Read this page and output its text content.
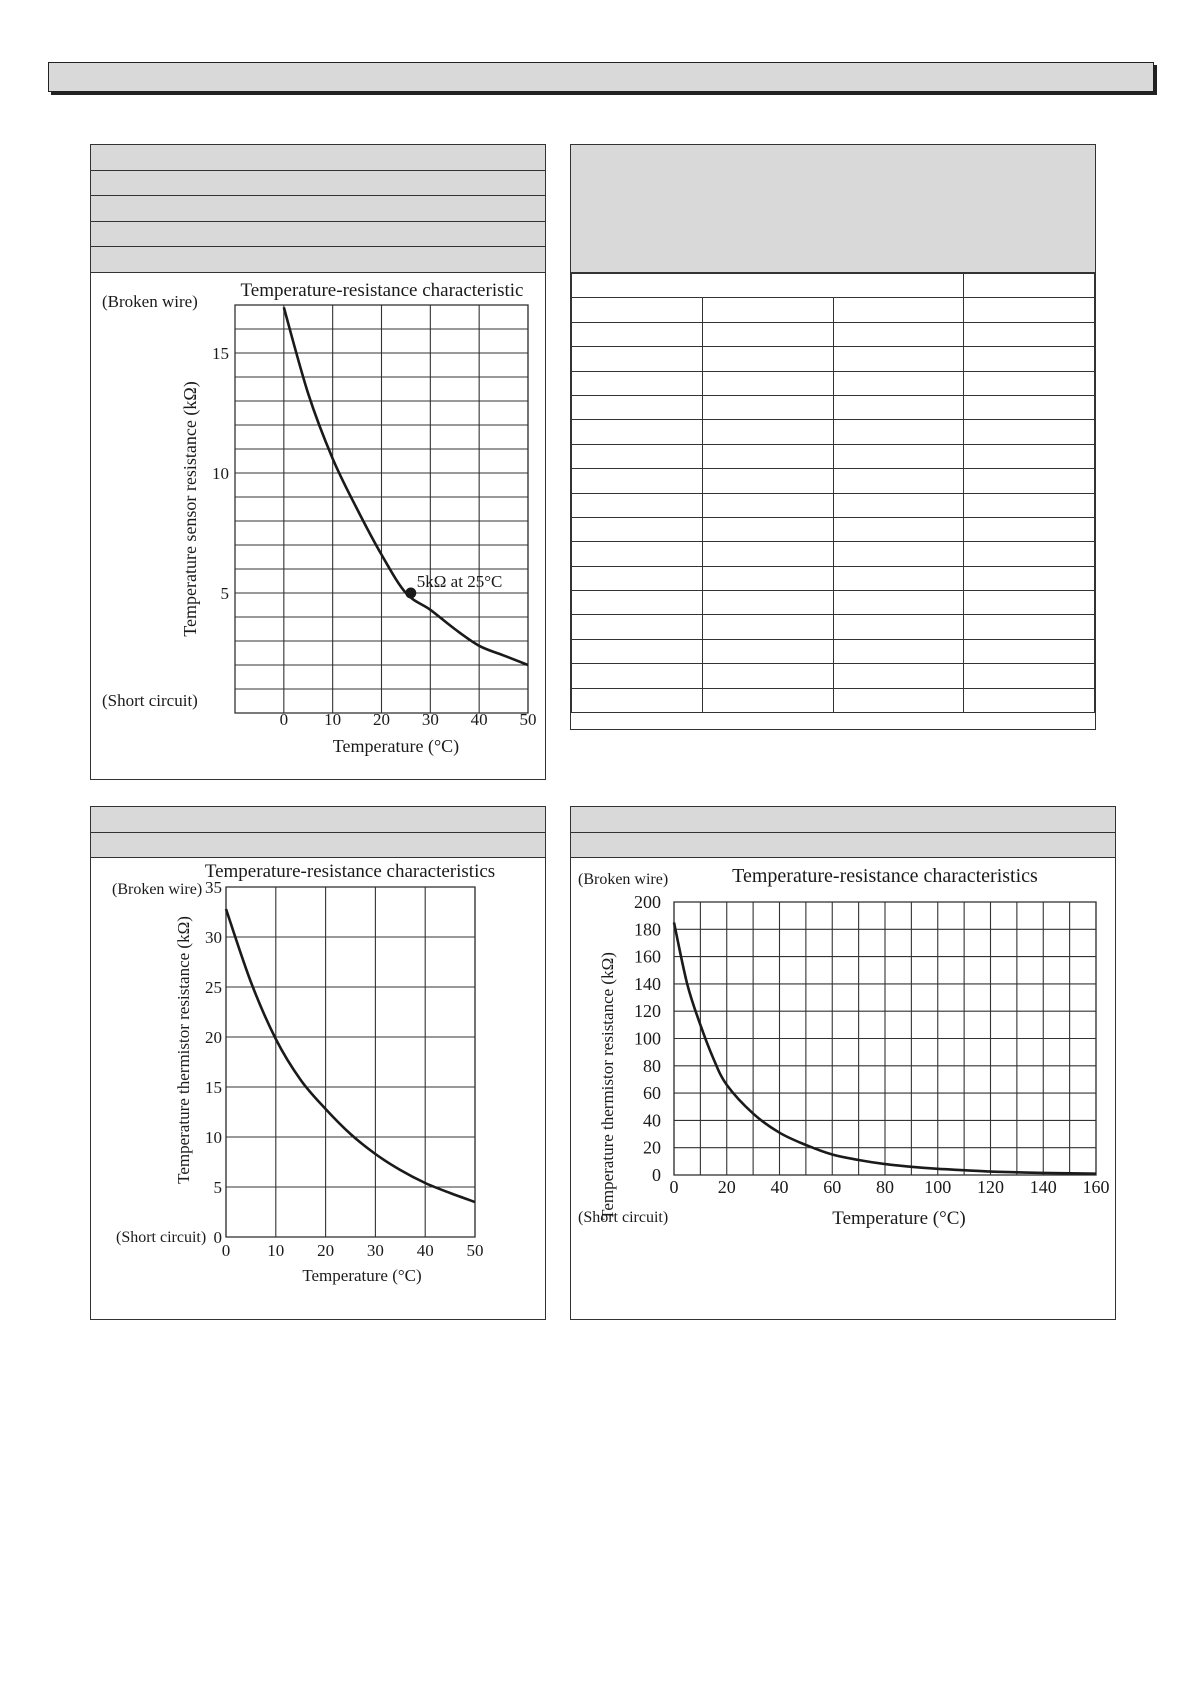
0 10 20 30 40 50
5
10
15
Temperature-resistance characteristic
(Broken wire)
(Short circuit)
Temperature (°C)
Temperature sensor resistance (kΩ)	5kΩ at 25°C
0 10 20 30 40 50
0
5
10
15
20
25
30
35
Temperature-resistance characteristics
(Broken wire)
(Short circuit)
Temperature (°C)
Temperature thermistor resistance (kΩ)
0 20 40 60 80 100 120 140 160
0
20
40
60
80
100
120
140
160
180
200
Temperature-resistance characteristics
(Broken wire)
(Short circuit)	Temperature (°C)
Temperature thermistor resistance (kΩ)
